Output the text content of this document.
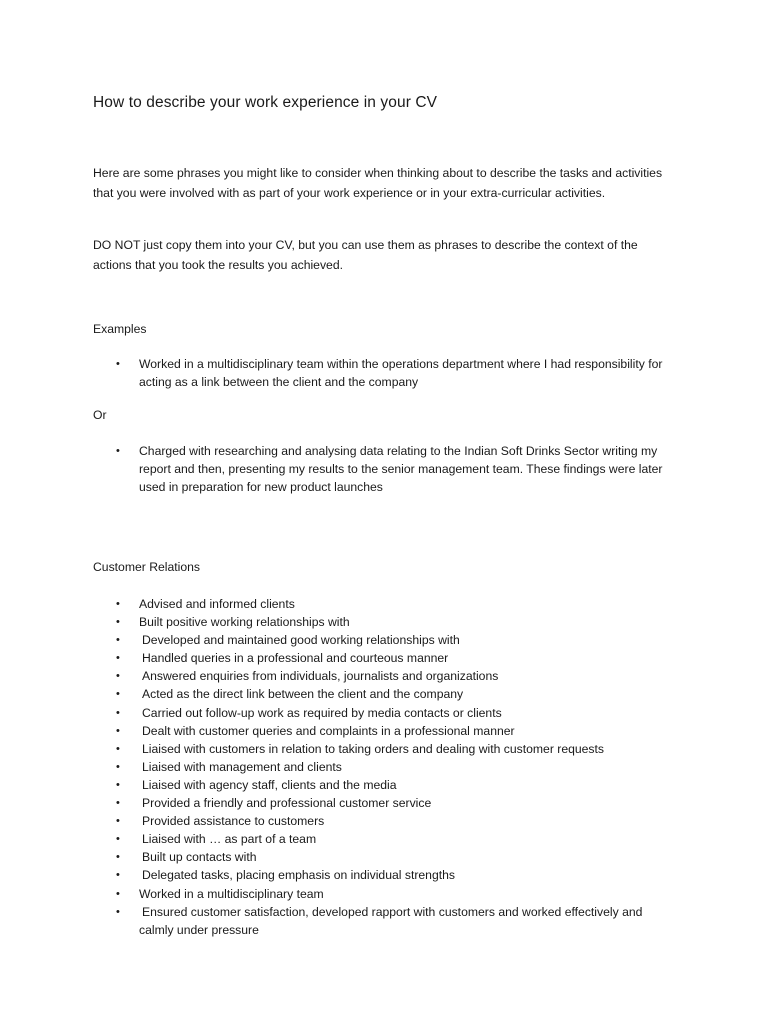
How to describe your work experience in your CV

Here are some phrases you might like to consider when thinking about to describe the tasks and activities that you were involved with as part of your work experience or in your extra-curricular activities.

DO NOT just copy them into your CV, but you can use them as phrases to describe the context of the actions that you took the results you achieved.

Examples
• Worked in a multidisciplinary team within the operations department where I had responsibility for acting as a link between the client and the company
Or
• Charged with researching and analysing data relating to the Indian Soft Drinks Sector writing my report and then, presenting my results to the senior management team. These findings were later used in preparation for new product launches
Customer Relations
• Advised and informed clients
• Built positive working relationships with
• Developed and maintained good working relationships with
• Handled queries in a professional and courteous manner
• Answered enquiries from individuals, journalists and organizations
• Acted as the direct link between the client and the company
• Carried out follow-up work as required by media contacts or clients
• Dealt with customer queries and complaints in a professional manner
• Liaised with customers in relation to taking orders and dealing with customer requests
• Liaised with management and clients
• Liaised with agency staff, clients and the media
• Provided a friendly and professional customer service
• Provided assistance to customers
• Liaised with … as part of a team
• Built up contacts with
• Delegated tasks, placing emphasis on individual strengths
• Worked in a multidisciplinary team
• Ensured customer satisfaction, developed rapport with customers and worked effectively and calmly under pressure
